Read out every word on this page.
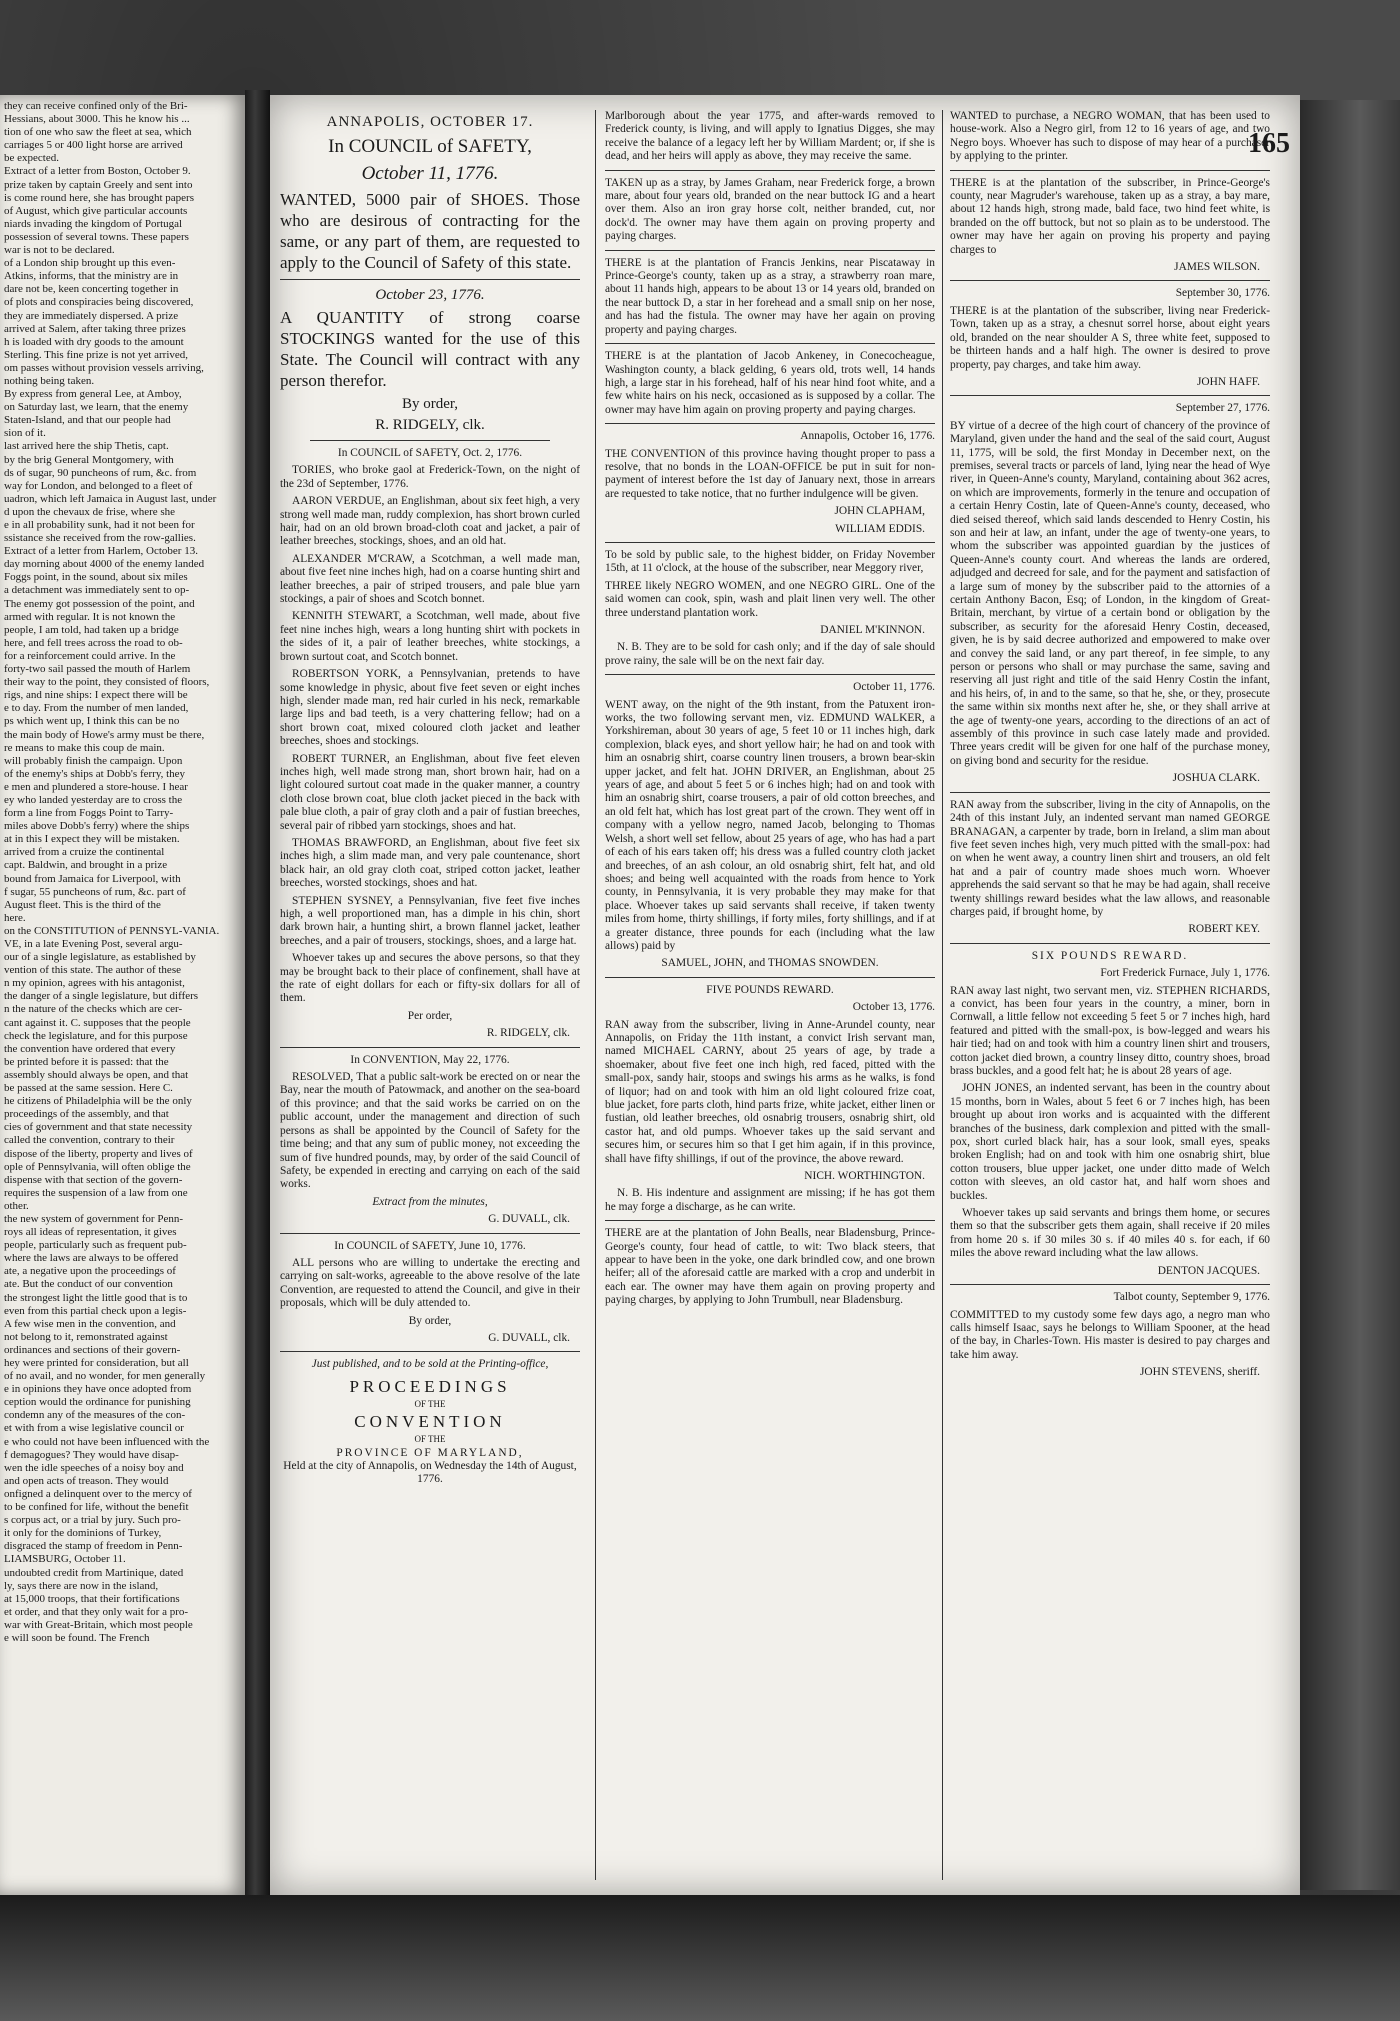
they can receive confined only of the Bri-
Hessians, about 3000. This he know his ...
tion of one who saw the fleet at sea, which
carriages 5 or 400 light horse are arrived
be expected.
Extract of a letter from Boston, October 9.
prize taken by captain Greely and sent into
is come round here, she has brought papers
of August, which give particular accounts
niards invading the kingdom of Portugal
possession of several towns. These papers
war is not to be declared.
of a London ship brought up this even-
Atkins, informs, that the ministry are in
dare not be, keen concerting together in
of plots and conspiracies being discovered,
they are immediately dispersed. A prize
arrived at Salem, after taking three prizes
h is loaded with dry goods to the amount
Sterling. This fine prize is not yet arrived,
om passes without provision vessels arriving,
nothing being taken.
By express from general Lee, at Amboy,
on Saturday last, we learn, that the enemy
Staten-Island, and that our people had
sion of it.
last arrived here the ship Thetis, capt.
by the brig General Montgomery, with
ds of sugar, 90 puncheons of rum, &c. from
way for London, and belonged to a fleet of
uadron, which left Jamaica in August last, under
d upon the chevaux de frise, where she
e in all probability sunk, had it not been for
ssistance she received from the row-gallies.
Extract of a letter from Harlem, October 13.
day morning about 4000 of the enemy landed
Foggs point, in the sound, about six miles
a detachment was immediately sent to op-
The enemy got possession of the point, and
armed with regular. It is not known the
people, I am told, had taken up a bridge
here, and fell trees across the road to ob-
for a reinforcement could arrive. In the
forty-two sail passed the mouth of Harlem
their way to the point, they consisted of floors,
rigs, and nine ships: I expect there will be
e to day. From the number of men landed,
ps which went up, I think this can be no
the main body of Howe's army must be there,
re means to make this coup de main.
will probably finish the campaign. Upon
of the enemy's ships at Dobb's ferry, they
e men and plundered a store-house. I hear
ey who landed yesterday are to cross the
form a line from Foggs Point to Tarry-
miles above Dobb's ferry) where the ships
at in this I expect they will be mistaken.
arrived from a cruize the continental
capt. Baldwin, and brought in a prize
bound from Jamaica for Liverpool, with
f sugar, 55 puncheons of rum, &c. part of
August fleet. This is the third of the
here.
on the CONSTITUTION of PENNSYL-VANIA.
VE, in a late Evening Post, several argu-
our of a single legislature, as established by
vention of this state. The author of these
n my opinion, agrees with his antagonist,
the danger of a single legislature, but differs
n the nature of the checks which are cer-
cant against it. C. supposes that the people
check the legislature, and for this purpose
the convention have ordered that every
be printed before it is passed: that the
assembly should always be open, and that
be passed at the same session. Here C.
he citizens of Philadelphia will be the only
proceedings of the assembly, and that
cies of government and that state necessity
called the convention, contrary to their
dispose of the liberty, property and lives of
ople of Pennsylvania, will often oblige the
dispense with that section of the govern-
requires the suspension of a law from one
other.
the new system of government for Penn-
roys all ideas of representation, it gives
people, particularly such as frequent pub-
where the laws are always to be offered
ate, a negative upon the proceedings of
ate. But the conduct of our convention
the strongest light the little good that is to
even from this partial check upon a legis-
A few wise men in the convention, and
not belong to it, remonstrated against
ordinances and sections of their govern-
hey were printed for consideration, but all
of no avail, and no wonder, for men generally
e in opinions they have once adopted from
ception would the ordinance for punishing
condemn any of the measures of the con-
et with from a wise legislative council or
e who could not have been influenced with the
f demagogues? They would have disap-
wen the idle speeches of a noisy boy and
and open acts of treason. They would
onfigned a delinquent over to the mercy of
to be confined for life, without the benefit
s corpus act, or a trial by jury. Such pro-
it only for the dominions of Turkey,
disgraced the stamp of freedom in Penn-
LIAMSBURG, October 11.
undoubted credit from Martinique, dated
ly, says there are now in the island,
at 15,000 troops, that their fortifications
et order, and that they only wait for a pro-
war with Great-Britain, which most people
e will soon be found. The French
165
ANNAPOLIS, OCTOBER 17.
In COUNCIL of SAFETY,
October 11, 1776.

WANTED, 5000 pair of SHOES. Those who are desirous of contracting for the same, or any part of them, are requested to apply to the Council of Safety of this state.

October 23, 1776.

A QUANTITY of strong coarse STOCKINGS wanted for the use of this State. The Council will contract with any person therefor.

By order,
R. RIDGELY, clk.

In COUNCIL of SAFETY, Oct. 2, 1776.

TORIES, who broke gaol at Frederick-Town, on the night of the 23d of September, 1776.

AARON VERDUE, an Englishman, about six feet high, a very strong well made man, ruddy complexion, has short brown curled hair, had on an old brown broad-cloth coat and jacket, a pair of leather breeches, stockings, shoes, and an old hat.

ALEXANDER M'CRAW, a Scotchman, a well made man, about five feet nine inches high, had on a coarse hunting shirt and leather breeches, a pair of striped trousers, and pale blue yarn stockings, a pair of shoes and Scotch bonnet.

KENNITH STEWART, a Scotchman, well made, about five feet nine inches high, wears a long hunting shirt with pockets in the sides of it, a pair of leather breeches, white stockings, a brown surtout coat, and Scotch bonnet.

ROBERTSON YORK, a Pennsylvanian, pretends to have some knowledge in physic, about five feet seven or eight inches high, slender made man, red hair curled in his neck, remarkable large lips and bad teeth, is a very chattering fellow; had on a short brown coat, mixed coloured cloth jacket and leather breeches, shoes and stockings.

ROBERT TURNER, an Englishman, about five feet eleven inches high, well made strong man, short brown hair, had on a light coloured surtout coat made in the quaker manner, a country cloth close brown coat, blue cloth jacket pieced in the back with pale blue cloth, a pair of gray cloth and a pair of fustian breeches, several pair of ribbed yarn stockings, shoes and hat.

THOMAS BRAWFORD, an Englishman, about five feet six inches high, a slim made man, and very pale countenance, short black hair, an old gray cloth coat, striped cotton jacket, leather breeches, worsted stockings, shoes and hat.

STEPHEN SYSNEY, a Pennsylvanian, five feet five inches high, a well proportioned man, has a dimple in his chin, short dark brown hair, a hunting shirt, a brown flannel jacket, leather breeches, and a pair of trousers, stockings, shoes, and a large hat.

Whoever takes up and secures the above persons, so that they may be brought back to their place of confinement, shall have at the rate of eight dollars for each or fifty-six dollars for all of them.

Per order,

R. RIDGELY, clk.

In CONVENTION, May 22, 1776.

RESOLVED, That a public salt-work be erected on or near the Bay, near the mouth of Patowmack, and another on the sea-board of this province; and that the said works be carried on on the public account, under the management and direction of such persons as shall be appointed by the Council of Safety for the time being; and that any sum of public money, not exceeding the sum of five hundred pounds, may, by order of the said Council of Safety, be expended in erecting and carrying on each of the said works.

Extract from the minutes,

G. DUVALL, clk.

In COUNCIL of SAFETY, June 10, 1776.

ALL persons who are willing to undertake the erecting and carrying on salt-works, agreeable to the above resolve of the late Convention, are requested to attend the Council, and give in their proposals, which will be duly attended to.

By order,

G. DUVALL, clk.

Just published, and to be sold at the Printing-office,

PROCEEDINGS
OF THE
CONVENTION
OF THE
PROVINCE OF MARYLAND,

Held at the city of Annapolis, on Wednesday the 14th of August, 1776.

Marlborough about the year 1775, and after-wards removed to Frederick county, is living, and will apply to Ignatius Digges, she may receive the balance of a legacy left her by William Mardent; or, if she is dead, and her heirs will apply as above, they may receive the same.

TAKEN up as a stray, by James Graham, near Frederick forge, a brown mare, about four years old, branded on the near buttock IG and a heart over them. Also an iron gray horse colt, neither branded, cut, nor dock'd. The owner may have them again on proving property and paying charges.

THERE is at the plantation of Francis Jenkins, near Piscataway in Prince-George's county, taken up as a stray, a strawberry roan mare, about 11 hands high, appears to be about 13 or 14 years old, branded on the near buttock D, a star in her forehead and a small snip on her nose, and has had the fistula. The owner may have her again on proving property and paying charges.

THERE is at the plantation of Jacob Ankeney, in Conecocheague, Washington county, a black gelding, 6 years old, trots well, 14 hands high, a large star in his forehead, half of his near hind foot white, and a few white hairs on his neck, occasioned as is supposed by a collar. The owner may have him again on proving property and paying charges.

Annapolis, October 16, 1776.

THE CONVENTION of this province having thought proper to pass a resolve, that no bonds in the LOAN-OFFICE be put in suit for non-payment of interest before the 1st day of January next, those in arrears are requested to take notice, that no further indulgence will be given.

JOHN CLAPHAM,

WILLIAM EDDIS.

To be sold by public sale, to the highest bidder, on Friday November 15th, at 11 o'clock, at the house of the subscriber, near Meggory river,

THREE likely NEGRO WOMEN, and one NEGRO GIRL. One of the said women can cook, spin, wash and plait linen very well. The other three understand plantation work.

DANIEL M'KINNON.

N. B. They are to be sold for cash only; and if the day of sale should prove rainy, the sale will be on the next fair day.

October 11, 1776.

WENT away, on the night of the 9th instant, from the Patuxent iron-works, the two following servant men, viz. EDMUND WALKER, a Yorkshireman, about 30 years of age, 5 feet 10 or 11 inches high, dark complexion, black eyes, and short yellow hair; he had on and took with him an osnabrig shirt, coarse country linen trousers, a brown bear-skin upper jacket, and felt hat. JOHN DRIVER, an Englishman, about 25 years of age, and about 5 feet 5 or 6 inches high; had on and took with him an osnabrig shirt, coarse trousers, a pair of old cotton breeches, and an old felt hat, which has lost great part of the crown. They went off in company with a yellow negro, named Jacob, belonging to Thomas Welsh, a short well set fellow, about 25 years of age, who has had a part of each of his ears taken off; his dress was a fulled country cloth jacket and breeches, of an ash colour, an old osnabrig shirt, felt hat, and old shoes; and being well acquainted with the roads from hence to York county, in Pennsylvania, it is very probable they may make for that place. Whoever takes up said servants shall receive, if taken twenty miles from home, thirty shillings, if forty miles, forty shillings, and if at a greater distance, three pounds for each (including what the law allows) paid by

SAMUEL, JOHN, and THOMAS SNOWDEN.

FIVE POUNDS REWARD.

October 13, 1776.

RAN away from the subscriber, living in Anne-Arundel county, near Annapolis, on Friday the 11th instant, a convict Irish servant man, named MICHAEL CARNY, about 25 years of age, by trade a shoemaker, about five feet one inch high, red faced, pitted with the small-pox, sandy hair, stoops and swings his arms as he walks, is fond of liquor; had on and took with him an old light coloured frize coat, blue jacket, fore parts cloth, hind parts frize, white jacket, either linen or fustian, old leather breeches, old osnabrig trousers, osnabrig shirt, old castor hat, and old pumps. Whoever takes up the said servant and secures him, or secures him so that I get him again, if in this province, shall have fifty shillings, if out of the province, the above reward.

NICH. WORTHINGTON.

N. B. His indenture and assignment are missing; if he has got them he may forge a discharge, as he can write.

THERE are at the plantation of John Bealls, near Bladensburg, Prince-George's county, four head of cattle, to wit: Two black steers, that appear to have been in the yoke, one dark brindled cow, and one brown heifer; all of the aforesaid cattle are marked with a crop and underbit in each ear. The owner may have them again on proving property and paying charges, by applying to John Trumbull, near Bladensburg.

WANTED to purchase, a NEGRO WOMAN, that has been used to house-work. Also a Negro girl, from 12 to 16 years of age, and two Negro boys. Whoever has such to dispose of may hear of a purchaser by applying to the printer.

THERE is at the plantation of the subscriber, in Prince-George's county, near Magruder's warehouse, taken up as a stray, a bay mare, about 12 hands high, strong made, bald face, two hind feet white, is branded on the off buttock, but not so plain as to be understood. The owner may have her again on proving his property and paying charges to

JAMES WILSON.

September 30, 1776.

THERE is at the plantation of the subscriber, living near Frederick-Town, taken up as a stray, a chesnut sorrel horse, about eight years old, branded on the near shoulder A S, three white feet, supposed to be thirteen hands and a half high. The owner is desired to prove property, pay charges, and take him away.

JOHN HAFF.

September 27, 1776.

BY virtue of a decree of the high court of chancery of the province of Maryland, given under the hand and the seal of the said court, August 11, 1775, will be sold, the first Monday in December next, on the premises, several tracts or parcels of land, lying near the head of Wye river, in Queen-Anne's county, Maryland, containing about 362 acres, on which are improvements, formerly in the tenure and occupation of a certain Henry Costin, late of Queen-Anne's county, deceased, who died seised thereof, which said lands descended to Henry Costin, his son and heir at law, an infant, under the age of twenty-one years, to whom the subscriber was appointed guardian by the justices of Queen-Anne's county court. And whereas the lands are ordered, adjudged and decreed for sale, and for the payment and satisfaction of a large sum of money by the subscriber paid to the attornies of a certain Anthony Bacon, Esq; of London, in the kingdom of Great-Britain, merchant, by virtue of a certain bond or obligation by the subscriber, as security for the aforesaid Henry Costin, deceased, given, he is by said decree authorized and empowered to make over and convey the said land, or any part thereof, in fee simple, to any person or persons who shall or may purchase the same, saving and reserving all just right and title of the said Henry Costin the infant, and his heirs, of, in and to the same, so that he, she, or they, prosecute the same within six months next after he, she, or they shall arrive at the age of twenty-one years, according to the directions of an act of assembly of this province in such case lately made and provided. Three years credit will be given for one half of the purchase money, on giving bond and security for the residue.

JOSHUA CLARK.

RAN away from the subscriber, living in the city of Annapolis, on the 24th of this instant July, an indented servant man named GEORGE BRANAGAN, a carpenter by trade, born in Ireland, a slim man about five feet seven inches high, very much pitted with the small-pox: had on when he went away, a country linen shirt and trousers, an old felt hat and a pair of country made shoes much worn. Whoever apprehends the said servant so that he may be had again, shall receive twenty shillings reward besides what the law allows, and reasonable charges paid, if brought home, by

ROBERT KEY.

SIX POUNDS REWARD.

Fort Frederick Furnace, July 1, 1776.

RAN away last night, two servant men, viz. STEPHEN RICHARDS, a convict, has been four years in the country, a miner, born in Cornwall, a little fellow not exceeding 5 feet 5 or 7 inches high, hard featured and pitted with the small-pox, is bow-legged and wears his hair tied; had on and took with him a country linen shirt and trousers, cotton jacket died brown, a country linsey ditto, country shoes, broad brass buckles, and a good felt hat; he is about 28 years of age.

JOHN JONES, an indented servant, has been in the country about 15 months, born in Wales, about 5 feet 6 or 7 inches high, has been brought up about iron works and is acquainted with the different branches of the business, dark complexion and pitted with the small-pox, short curled black hair, has a sour look, small eyes, speaks broken English; had on and took with him one osnabrig shirt, blue cotton trousers, blue upper jacket, one under ditto made of Welch cotton with sleeves, an old castor hat, and half worn shoes and buckles.

Whoever takes up said servants and brings them home, or secures them so that the subscriber gets them again, shall receive if 20 miles from home 20 s. if 30 miles 30 s. if 40 miles 40 s. for each, if 60 miles the above reward including what the law allows.

DENTON JACQUES.

Talbot county, September 9, 1776.

COMMITTED to my custody some few days ago, a negro man who calls himself Isaac, says he belongs to William Spooner, at the head of the bay, in Charles-Town. His master is desired to pay charges and take him away.

JOHN STEVENS, sheriff.
